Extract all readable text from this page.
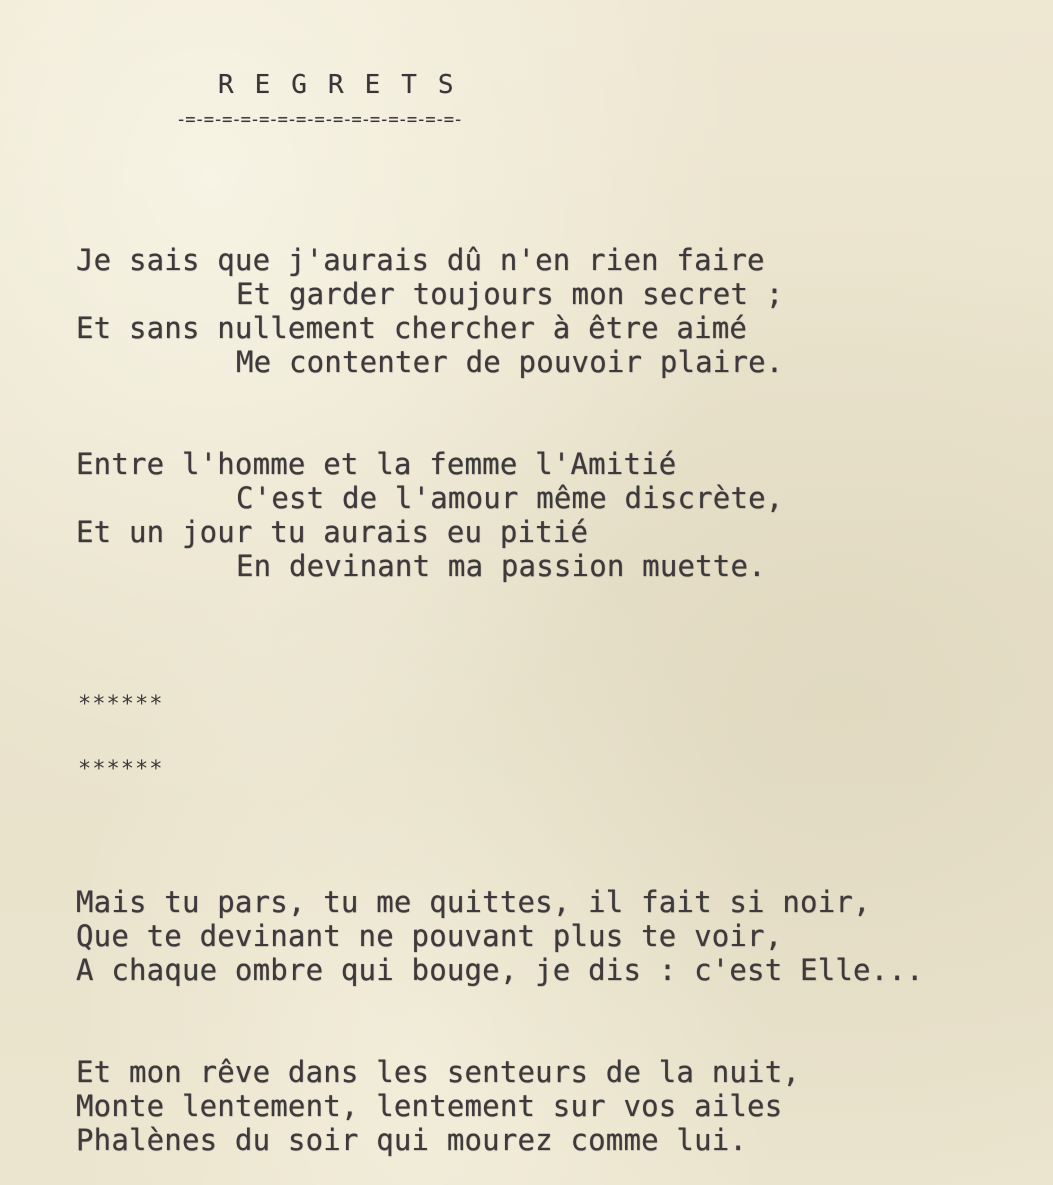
REGRETS
-=-=-=-=-=-=-=-=-=-=-=-=-=-=-=-
Je sais que j'aurais dû n'en rien faire
Et garder toujours mon secret ;
Et sans nullement chercher à être aimé
Me contenter de pouvoir plaire.
Entre l'homme et la femme l'Amitié
C'est de l'amour même discrète,
Et un jour tu aurais eu pitié
En devinant ma passion muette.
******
******
Mais tu pars, tu me quittes, il fait si noir,
Que te devinant ne pouvant plus te voir,
A chaque ombre qui bouge, je dis : c'est Elle...
Et mon rêve dans les senteurs de la nuit,
Monte lentement, lentement sur vos ailes
Phalènes du soir qui mourez comme lui.
